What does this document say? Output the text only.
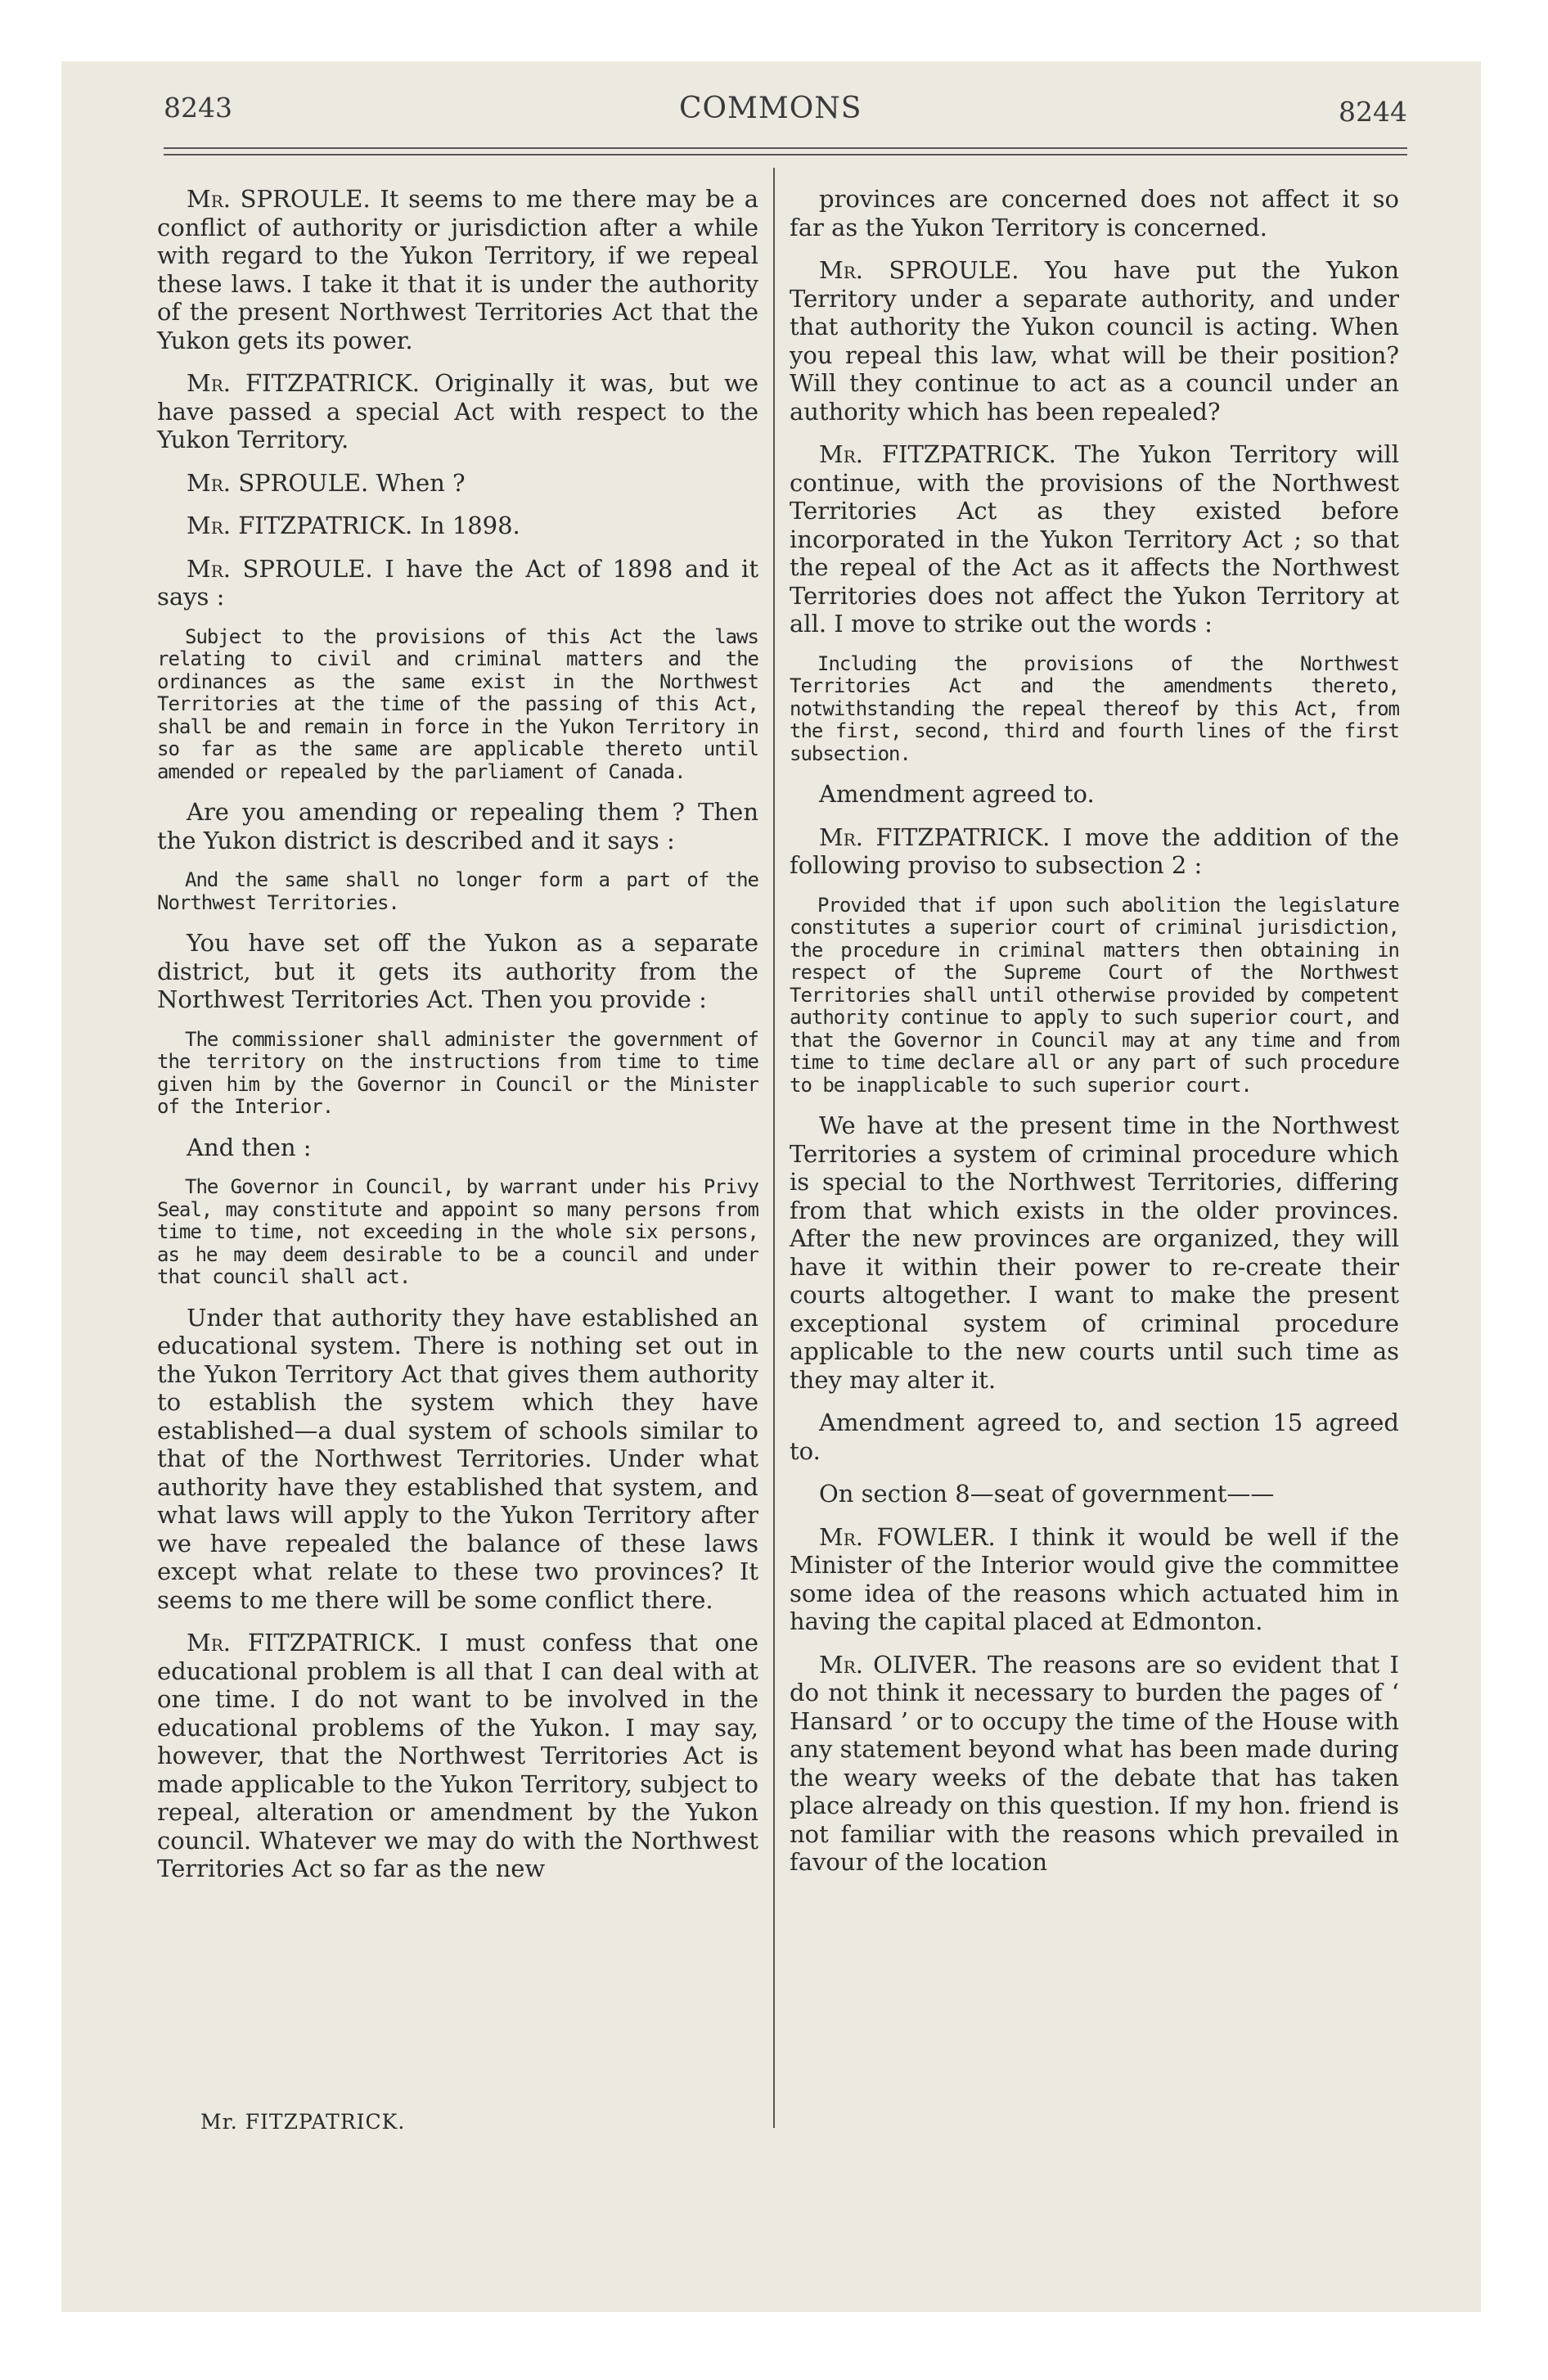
8243	COMMONS	8244
Mr. SPROULE. It seems to me there may be a conflict of authority or jurisdiction after a while with regard to the Yukon Territory, if we repeal these laws. I take it that it is under the authority of the present Northwest Territories Act that the Yukon gets its power.
Mr. FITZPATRICK. Originally it was, but we have passed a special Act with respect to the Yukon Territory.
Mr. SPROULE. When ?
Mr. FITZPATRICK. In 1898.
Mr. SPROULE. I have the Act of 1898 and it says :
Subject to the provisions of this Act the laws relating to civil and criminal matters and the ordinances as the same exist in the Northwest Territories at the time of the passing of this Act, shall be and remain in force in the Yukon Territory in so far as the same are applicable thereto until amended or repealed by the parliament of Canada.
Are you amending or repealing them ? Then the Yukon district is described and it says :
And the same shall no longer form a part of the Northwest Territories.
You have set off the Yukon as a separate district, but it gets its authority from the Northwest Territories Act. Then you provide :
The commissioner shall administer the government of the territory on the instructions from time to time given him by the Governor in Council or the Minister of the Interior.
And then :
The Governor in Council, by warrant under his Privy Seal, may constitute and appoint so many persons from time to time, not exceeding in the whole six persons, as he may deem desirable to be a council and under that council shall act.
Under that authority they have established an educational system. There is nothing set out in the Yukon Territory Act that gives them authority to establish the system which they have established—a dual system of schools similar to that of the Northwest Territories. Under what authority have they established that system, and what laws will apply to the Yukon Territory after we have repealed the balance of these laws except what relate to these two provinces? It seems to me there will be some conflict there.
Mr. FITZPATRICK. I must confess that one educational problem is all that I can deal with at one time. I do not want to be involved in the educational problems of the Yukon. I may say, however, that the Northwest Territories Act is made applicable to the Yukon Territory, subject to repeal, alteration or amendment by the Yukon council. Whatever we may do with the Northwest Territories Act so far as the new
provinces are concerned does not affect it so far as the Yukon Territory is concerned.
Mr. SPROULE. You have put the Yukon Territory under a separate authority, and under that authority the Yukon council is acting. When you repeal this law, what will be their position? Will they continue to act as a council under an authority which has been repealed?
Mr. FITZPATRICK. The Yukon Territory will continue, with the provisions of the Northwest Territories Act as they existed before incorporated in the Yukon Territory Act ; so that the repeal of the Act as it affects the Northwest Territories does not affect the Yukon Territory at all. I move to strike out the words :
Including the provisions of the Northwest Territories Act and the amendments thereto, notwithstanding the repeal thereof by this Act, from the first, second, third and fourth lines of the first subsection.
Amendment agreed to.
Mr. FITZPATRICK. I move the addition of the following proviso to subsection 2 :
Provided that if upon such abolition the legislature constitutes a superior court of criminal jurisdiction, the procedure in criminal matters then obtaining in respect of the Supreme Court of the Northwest Territories shall until otherwise provided by competent authority continue to apply to such superior court, and that the Governor in Council may at any time and from time to time declare all or any part of such procedure to be inapplicable to such superior court.
We have at the present time in the Northwest Territories a system of criminal procedure which is special to the Northwest Territories, differing from that which exists in the older provinces. After the new provinces are organized, they will have it within their power to re-create their courts altogether. I want to make the present exceptional system of criminal procedure applicable to the new courts until such time as they may alter it.
Amendment agreed to, and section 15 agreed to.
On section 8—seat of government——
Mr. FOWLER. I think it would be well if the Minister of the Interior would give the committee some idea of the reasons which actuated him in having the capital placed at Edmonton.
Mr. OLIVER. The reasons are so evident that I do not think it necessary to burden the pages of ‘ Hansard ’ or to occupy the time of the House with any statement beyond what has been made during the weary weeks of the debate that has taken place already on this question. If my hon. friend is not familiar with the reasons which prevailed in favour of the location
Mr. FITZPATRICK.
